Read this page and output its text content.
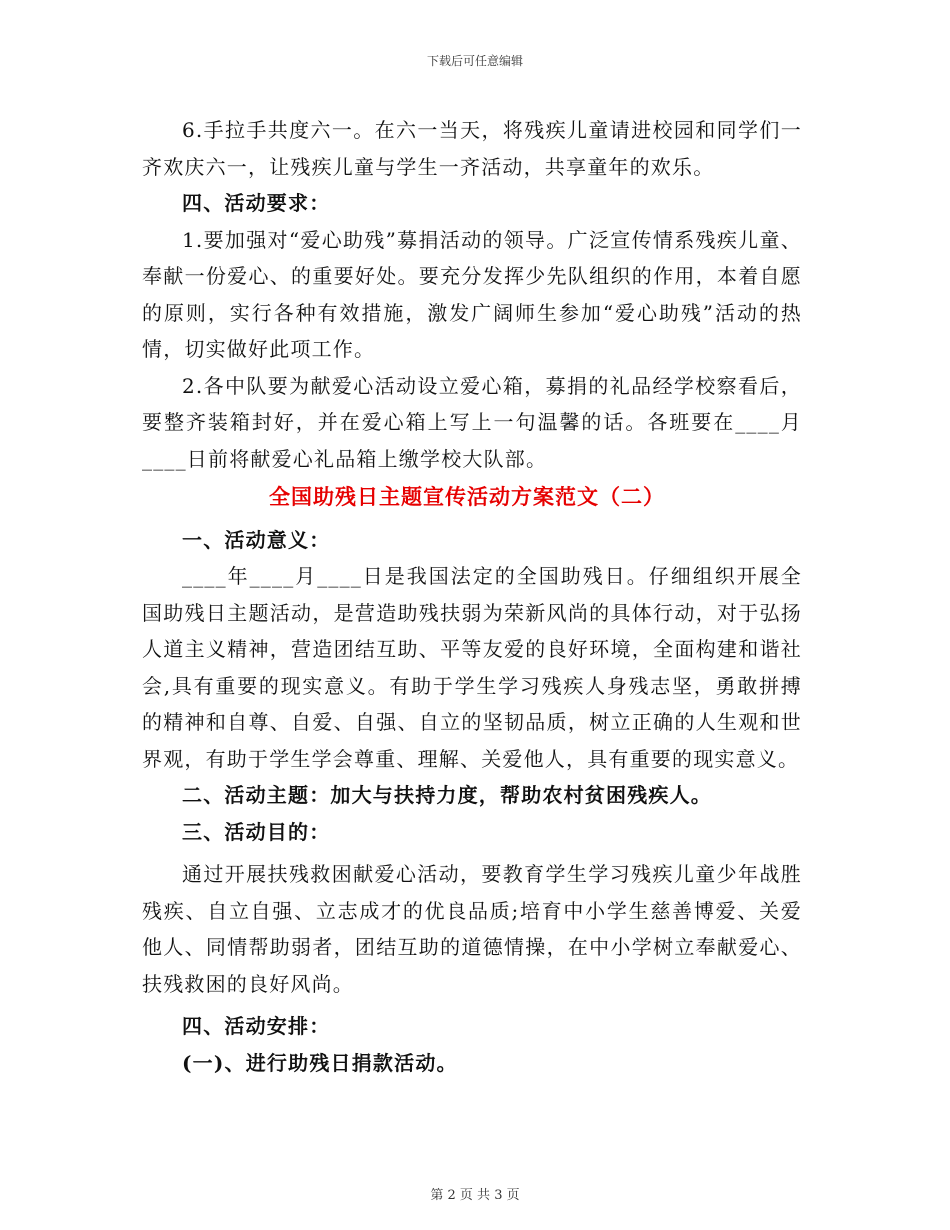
下载后可任意编辑

6.手拉手共度六一。在六一当天，将残疾儿童请进校园和同学们一齐欢庆六一，让残疾儿童与学生一齐活动，共享童年的欢乐。

四、活动要求：

1.要加强对“爱心助残”募捐活动的领导。广泛宣传情系残疾儿童、奉献一份爱心、的重要好处。要充分发挥少先队组织的作用，本着自愿的原则，实行各种有效措施，激发广阔师生参加“爱心助残”活动的热情，切实做好此项工作。

2.各中队要为献爱心活动设立爱心箱，募捐的礼品经学校察看后，要整齐装箱封好，并在爱心箱上写上一句温馨的话。各班要在____月____日前将献爱心礼品箱上缴学校大队部。

全国助残日主题宣传活动方案范文（二）

一、活动意义：

____年____月____日是我国法定的全国助残日。仔细组织开展全国助残日主题活动，是营造助残扶弱为荣新风尚的具体行动，对于弘扬人道主义精神，营造团结互助、平等友爱的良好环境，全面构建和谐社会,具有重要的现实意义。有助于学生学习残疾人身残志坚，勇敢拼搏的精神和自尊、自爱、自强、自立的坚韧品质，树立正确的人生观和世界观，有助于学生学会尊重、理解、关爱他人，具有重要的现实意义。

二、活动主题：加大与扶持力度，帮助农村贫困残疾人。

三、活动目的：

通过开展扶残救困献爱心活动，要教育学生学习残疾儿童少年战胜残疾、自立自强、立志成才的优良品质;培育中小学生慈善博爱、关爱他人、同情帮助弱者，团结互助的道德情操，在中小学树立奉献爱心、扶残救困的良好风尚。

四、活动安排：

(一)、进行助残日捐款活动。

第 2 页 共 3 页
